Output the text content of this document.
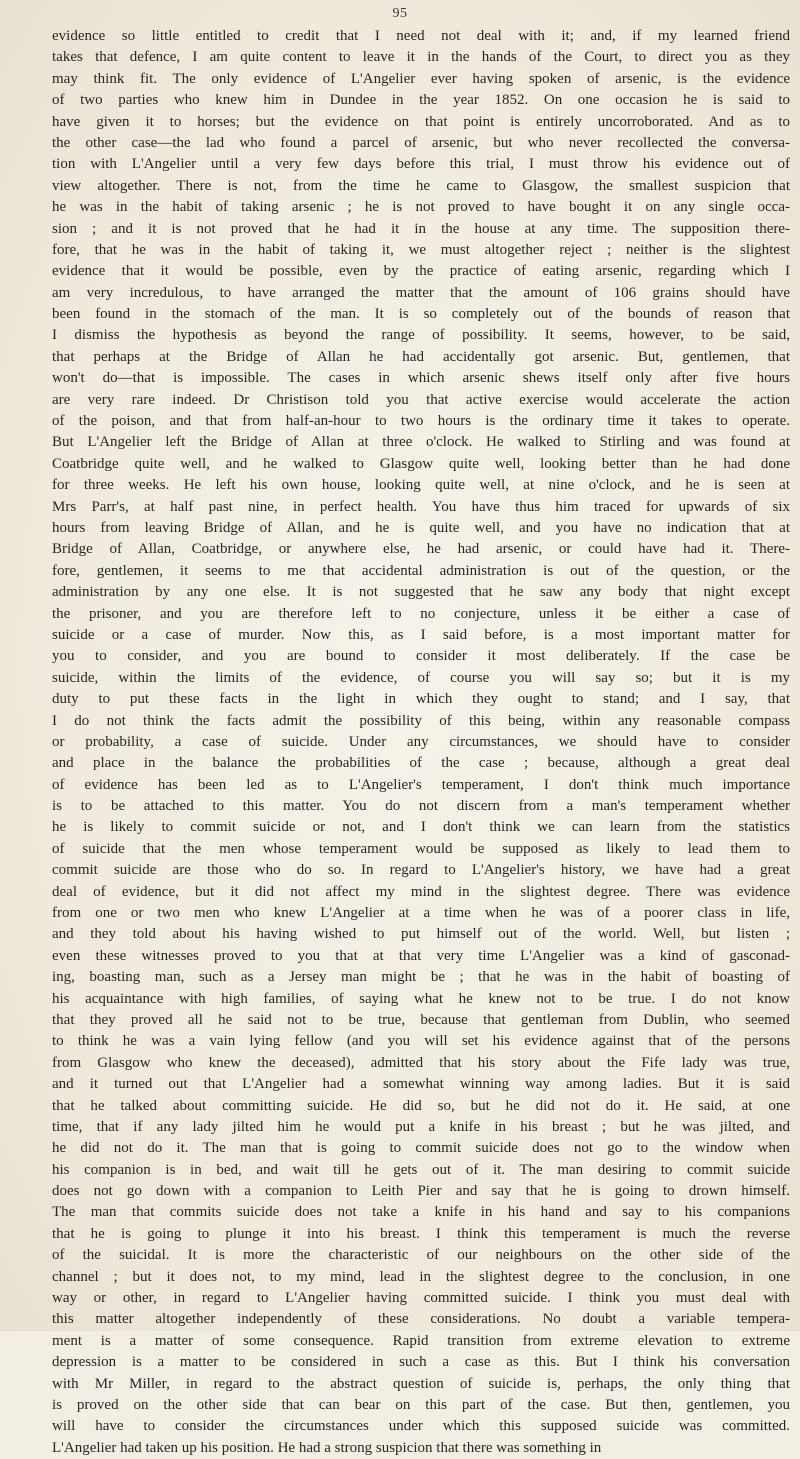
95
evidence so little entitled to credit that I need not deal with it; and, if my learned friend
takes that defence, I am quite content to leave it in the hands of the Court, to direct you as they
may think fit. The only evidence of L'Angelier ever having spoken of arsenic, is the evidence
of two parties who knew him in Dundee in the year 1852. On one occasion he is said to
have given it to horses; but the evidence on that point is entirely uncorroborated. And as to
the other case—the lad who found a parcel of arsenic, but who never recollected the conversa-
tion with L'Angelier until a very few days before this trial, I must throw his evidence out of
view altogether. There is not, from the time he came to Glasgow, the smallest suspicion that
he was in the habit of taking arsenic ; he is not proved to have bought it on any single occa-
sion ; and it is not proved that he had it in the house at any time. The supposition there-
fore, that he was in the habit of taking it, we must altogether reject ; neither is the slightest
evidence that it would be possible, even by the practice of eating arsenic, regarding which I
am very incredulous, to have arranged the matter that the amount of 106 grains should have
been found in the stomach of the man. It is so completely out of the bounds of reason that
I dismiss the hypothesis as beyond the range of possibility. It seems, however, to be said,
that perhaps at the Bridge of Allan he had accidentally got arsenic. But, gentlemen, that
won't do—that is impossible. The cases in which arsenic shews itself only after five hours
are very rare indeed. Dr Christison told you that active exercise would accelerate the action
of the poison, and that from half-an-hour to two hours is the ordinary time it takes to operate.
But L'Angelier left the Bridge of Allan at three o'clock. He walked to Stirling and was found at
Coatbridge quite well, and he walked to Glasgow quite well, looking better than he had done
for three weeks. He left his own house, looking quite well, at nine o'clock, and he is seen at
Mrs Parr's, at half past nine, in perfect health. You have thus him traced for upwards of six
hours from leaving Bridge of Allan, and he is quite well, and you have no indication that at
Bridge of Allan, Coatbridge, or anywhere else, he had arsenic, or could have had it. There-
fore, gentlemen, it seems to me that accidental administration is out of the question, or the
administration by any one else. It is not suggested that he saw any body that night except
the prisoner, and you are therefore left to no conjecture, unless it be either a case of
suicide or a case of murder. Now this, as I said before, is a most important matter for
you to consider, and you are bound to consider it most deliberately. If the case be
suicide, within the limits of the evidence, of course you will say so; but it is my
duty to put these facts in the light in which they ought to stand; and I say, that
I do not think the facts admit the possibility of this being, within any reasonable compass
or probability, a case of suicide. Under any circumstances, we should have to consider
and place in the balance the probabilities of the case ; because, although a great deal
of evidence has been led as to L'Angelier's temperament, I don't think much importance
is to be attached to this matter. You do not discern from a man's temperament whether
he is likely to commit suicide or not, and I don't think we can learn from the statistics
of suicide that the men whose temperament would be supposed as likely to lead them to
commit suicide are those who do so. In regard to L'Angelier's history, we have had a great
deal of evidence, but it did not affect my mind in the slightest degree. There was evidence
from one or two men who knew L'Angelier at a time when he was of a poorer class in life,
and they told about his having wished to put himself out of the world. Well, but listen ;
even these witnesses proved to you that at that very time L'Angelier was a kind of gasconad-
ing, boasting man, such as a Jersey man might be ; that he was in the habit of boasting of
his acquaintance with high families, of saying what he knew not to be true. I do not know
that they proved all he said not to be true, because that gentleman from Dublin, who seemed
to think he was a vain lying fellow (and you will set his evidence against that of the persons
from Glasgow who knew the deceased), admitted that his story about the Fife lady was true,
and it turned out that L'Angelier had a somewhat winning way among ladies. But it is said
that he talked about committing suicide. He did so, but he did not do it. He said, at one
time, that if any lady jilted him he would put a knife in his breast ; but he was jilted, and
he did not do it. The man that is going to commit suicide does not go to the window when
his companion is in bed, and wait till he gets out of it. The man desiring to commit suicide
does not go down with a companion to Leith Pier and say that he is going to drown himself.
The man that commits suicide does not take a knife in his hand and say to his companions
that he is going to plunge it into his breast. I think this temperament is much the reverse
of the suicidal. It is more the characteristic of our neighbours on the other side of the
channel ; but it does not, to my mind, lead in the slightest degree to the conclusion, in one
way or other, in regard to L'Angelier having committed suicide. I think you must deal with
this matter altogether independently of these considerations. No doubt a variable tempera-
ment is a matter of some consequence. Rapid transition from extreme elevation to extreme
depression is a matter to be considered in such a case as this. But I think his conversation
with Mr Miller, in regard to the abstract question of suicide is, perhaps, the only thing that
is proved on the other side that can bear on this part of the case. But then, gentlemen, you
will have to consider the circumstances under which this supposed suicide was committed.
L'Angelier had taken up his position. He had a strong suspicion that there was something in
